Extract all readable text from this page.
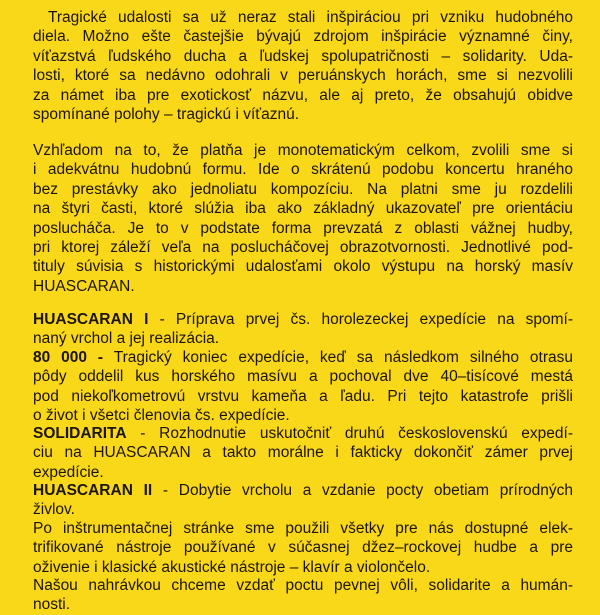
Tragické udalosti sa už neraz stali inšpiráciou pri vzniku hudobného
diela. Možno ešte častejšie bývajú zdrojom inšpirácie významné činy,
víťazstvá ľudského ducha a ľudskej spolupatričnosti – solidarity. Uda-
losti, ktoré sa nedávno odohrali v peruánskych horách, sme si nezvolili
za námet iba pre exotickosť názvu, ale aj preto, že obsahujú obidve
spomínané polohy – tragickú i víťaznú.

Vzhľadom na to, že platňa je monotematickým celkom, zvolili sme si
i adekvátnu hudobnú formu. Ide o skrátenú podobu koncertu hraného
bez prestávky ako jednoliatu kompozíciu. Na platni sme ju rozdelili
na štyri časti, ktoré slúžia iba ako základný ukazovateľ pre orientáciu
poslucháča. Je to v podstate forma prevzatá z oblasti vážnej hudby,
pri ktorej záleží veľa na poslucháčovej obrazotvornosti. Jednotlivé pod-
tituly súvisia s historickými udalosťami okolo výstupu na horský masív
HUASCARAN.

HUASCARAN I - Príprava prvej čs. horolezeckej expedície na spomí-
naný vrchol a jej realizácia.

80 000 - Tragický koniec expedície, keď sa následkom silného otrasu
pôdy oddelil kus horského masívu a pochoval dve 40–tisícové mestá
pod niekoľkometrovú vrstvu kameňa a ľadu. Pri tejto katastrofe prišli
o život i všetci členovia čs. expedície.

SOLIDARITA - Rozhodnutie uskutočniť druhú československú expedí-
ciu na HUASCARAN a takto morálne i fakticky dokončiť zámer prvej
expedície.

HUASCARAN II - Dobytie vrcholu a vzdanie pocty obetiam prírodných
živlov.

Po inštrumentačnej stránke sme použili všetky pre nás dostupné elek-
trifikované nástroje používané v súčasnej džez–rockovej hudbe a pre
oživenie i klasické akustické nástroje – klavír a violončelo.

Našou nahrávkou chceme vzdať poctu pevnej vôli, solidarite a humán-
nosti.
